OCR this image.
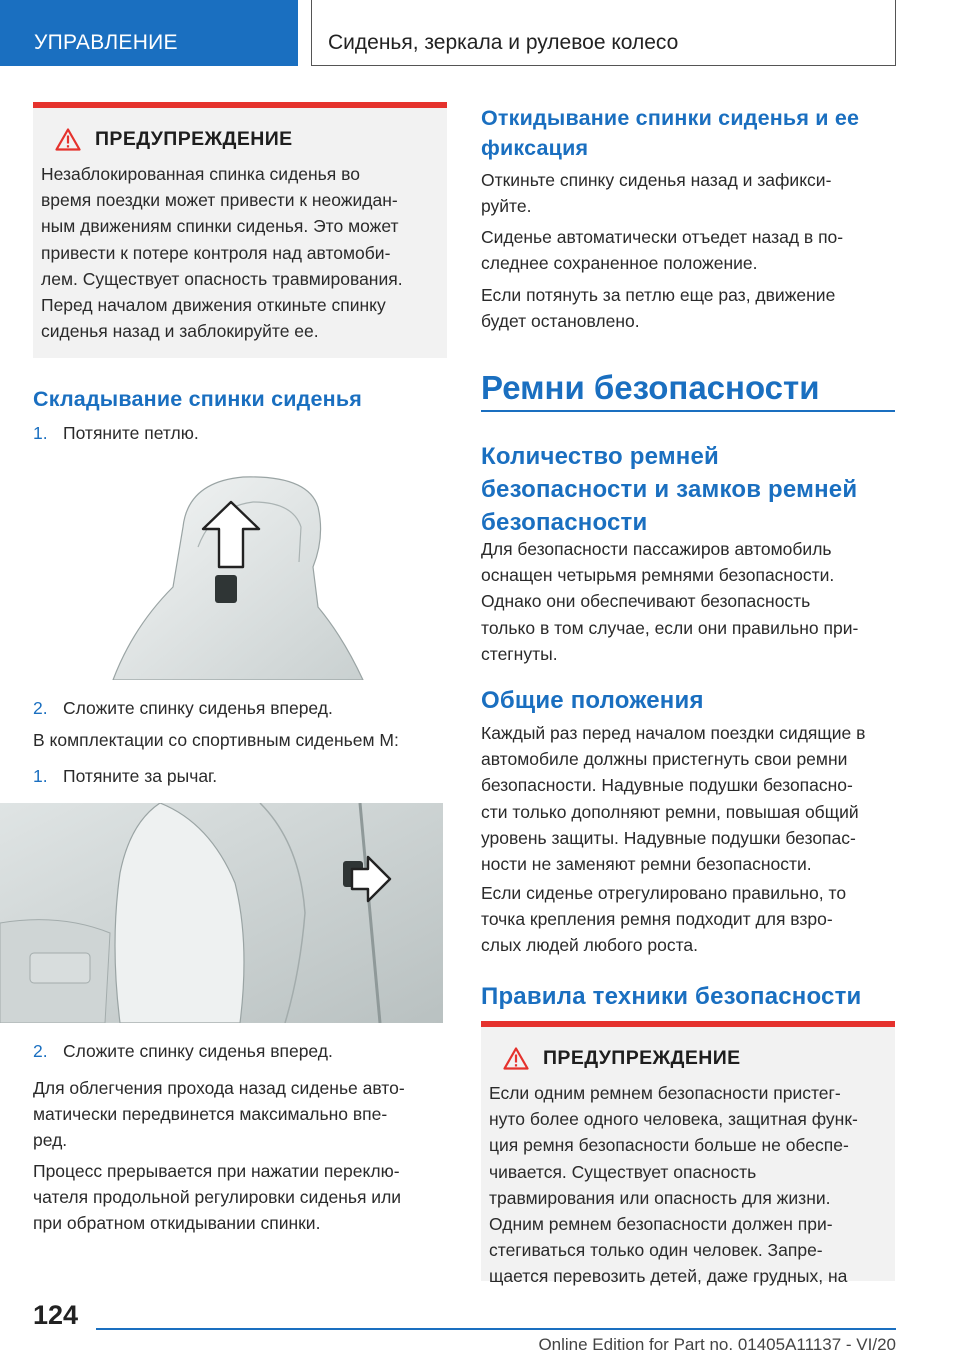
УПРАВЛЕНИЕ	Сиденья, зеркала и рулевое колесо
ПРЕДУПРЕЖДЕНИЕ
Незаблокированная спинка сиденья во
время поездки может привести к неожидан‐
ным движениям спинки сиденья. Это может
привести к потере контроля над автомоби‐
лем. Существует опасность травмирования.
Перед началом движения откиньте спинку
сиденья назад и заблокируйте ее.
Складывание спинки сиденья
1. Потяните петлю.
2. Сложите спинку сиденья вперед.
В комплектации со спортивным сиденьем M:
1. Потяните за рычаг.
2. Сложите спинку сиденья вперед.
Для облегчения прохода назад сиденье авто‐
матически передвинется максимально впе‐
ред.
Процесс прерывается при нажатии переклю‐
чателя продольной регулировки сиденья или
при обратном откидывании спинки.
Откидывание спинки сиденья и ее
фиксация
Откиньте спинку сиденья назад и зафикси‐
руйте.
Сиденье автоматически отъедет назад в по‐
следнее сохраненное положение.
Если потянуть за петлю еще раз, движение
будет остановлено.
Ремни безопасности
Количество ремней
безопасности и замков ремней
безопасности
Для безопасности пассажиров автомобиль
оснащен четырьмя ремнями безопасности.
Однако они обеспечивают безопасность
только в том случае, если они правильно при‐
стегнуты.
Общие положения
Каждый раз перед началом поездки сидящие в
автомобиле должны пристегнуть свои ремни
безопасности. Надувные подушки безопасно‐
сти только дополняют ремни, повышая общий
уровень защиты. Надувные подушки безопас‐
ности не заменяют ремни безопасности.
Если сиденье отрегулировано правильно, то
точка крепления ремня подходит для взро‐
слых людей любого роста.
Правила техники безопасности
ПРЕДУПРЕЖДЕНИЕ
Если одним ремнем безопасности пристег‐
нуто более одного человека, защитная функ‐
ция ремня безопасности больше не обеспе‐
чивается. Существует опасность
травмирования или опасность для жизни.
Одним ремнем безопасности должен при‐
стегиваться только один человек. Запре‐
щается перевозить детей, даже грудных, на
124
Online Edition for Part no. 01405A11137 - VI/20
